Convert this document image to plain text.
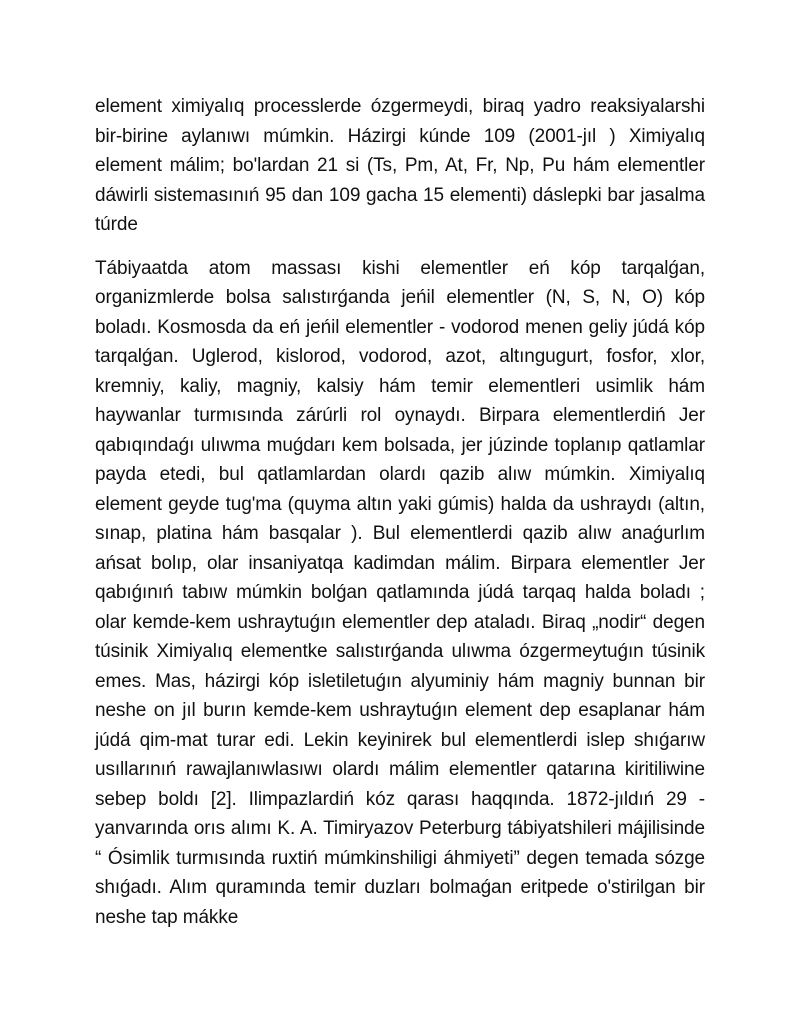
element ximiyalıq processlerde ózgermeydi, biraq yadro reaksiyalarshi bir-birine aylanıwı múmkin. Házirgi kúnde 109 (2001-jıl ) Ximiyalıq element málim; bo'lardan 21 si (Ts, Pm, At, Fr, Np, Pu hám elementler dáwirli sistemasınıń 95 dan 109 gacha 15 elementi) dáslepki bar jasalma túrde

Tábiyaatda atom massası kishi elementler eń kóp tarqalǵan, organizmlerde bolsa salıstırǵanda jeńil elementler (N, S, N, O) kóp boladı. Kosmosda da eń jeńil elementler - vodorod menen geliy júdá kóp tarqalǵan. Uglerod, kislorod, vodorod, azot, altıngugurt, fosfor, xlor, kremniy, kaliy, magniy, kalsiy hám temir elementleri usimlik hám haywanlar turmısında zárúrli rol oynaydı. Birpara elementlerdiń Jer qabıqındaǵı ulıwma muǵdarı kem bolsada, jer júzinde toplanıp qatlamlar payda etedi, bul qatlamlardan olardı qazib alıw múmkin. Ximiyalıq element geyde tug'ma (quyma altın yaki gúmis) halda da ushraydı (altın, sınap, platina hám basqalar ). Bul elementlerdi qazib alıw anaǵurlım ańsat bolıp, olar insaniyatqa kadimdan málim. Birpara elementler Jer qabıǵınıń tabıw múmkin bolǵan qatlamında júdá tarqaq halda boladı ; olar kemde-kem ushraytuǵın elementler dep ataladı. Biraq „nodir“ degen túsinik Ximiyalıq elementke salıstırǵanda ulıwma ózgermeytuǵın túsinik emes. Mas, házirgi kóp isletiletuǵın alyuminiy hám magniy bunnan bir neshe on jıl burın kemde-kem ushraytuǵın element dep esaplanar hám júdá qim-mat turar edi. Lekin keyinirek bul elementlerdi islep shıǵarıw usıllarınıń rawajlanıwlasıwı olardı málim elementler qatarına kiritiliwine sebep boldı [2]. Ilimpazlardiń kóz qarası haqqında. 1872-jıldıń 29 -yanvarında orıs alımı K. A. Timiryazov Peterburg tábiyatshileri májilisinde “ Ósimlik turmısında ruxtiń múmkinshiligi áhmiyeti” degen temada sózge shıǵadı. Alım quramında temir duzları bolmaǵan eritpede o'stirilgan bir neshe tap mákke
